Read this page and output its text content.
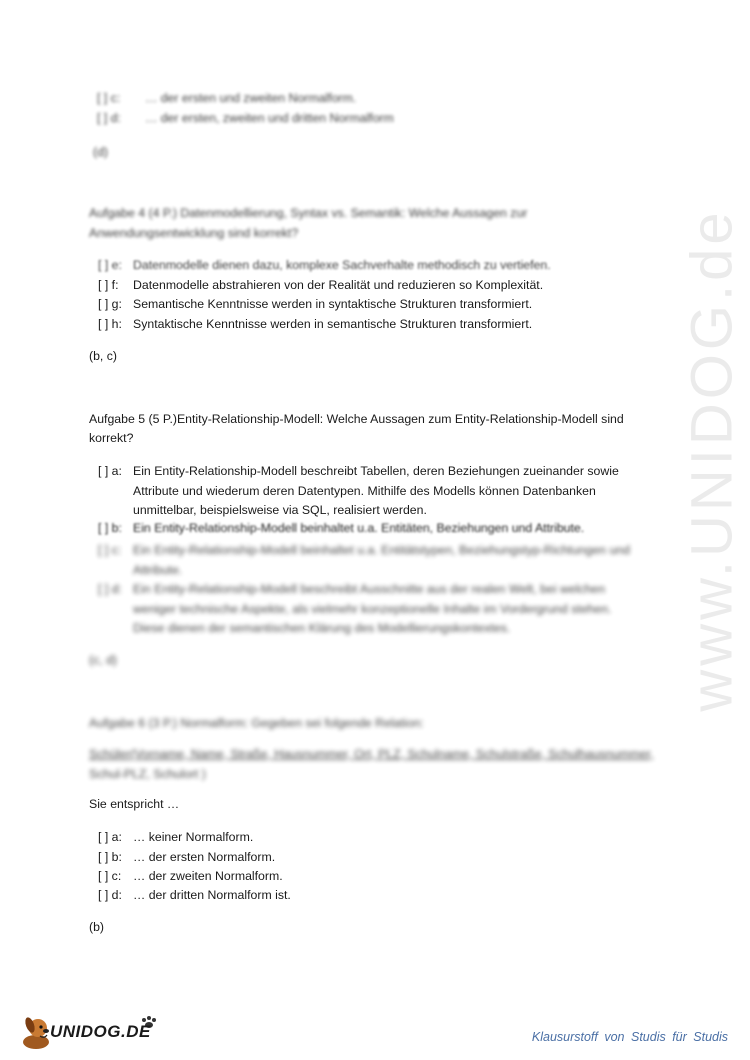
www.UNIDOG.de
[ ] c: … der ersten und zweiten Normalform.
[ ] d: … der ersten, zweiten und dritten Normalform
(d)
Aufgabe 4 (4 P.) Datenmodellierung, Syntax vs. Semantik: Welche Aussagen zur
Anwendungsentwicklung sind korrekt?
[ ] e: Datenmodelle dienen dazu, komplexe Sachverhalte methodisch zu vertiefen.
[ ] f: Datenmodelle abstrahieren von der Realität und reduzieren so Komplexität.
[ ] g: Semantische Kenntnisse werden in syntaktische Strukturen transformiert.
[ ] h: Syntaktische Kenntnisse werden in semantische Strukturen transformiert.
(b, c)
Aufgabe 5 (5 P.)Entity-Relationship-Modell: Welche Aussagen zum Entity-Relationship-Modell sind
korrekt?
[ ] a: Ein Entity-Relationship-Modell beschreibt Tabellen, deren Beziehungen zueinander sowie
Attribute und wiederum deren Datentypen. Mithilfe des Modells können Datenbanken
unmittelbar, beispielsweise via SQL, realisiert werden.
[ ] b: Ein Entity-Relationship-Modell beinhaltet u.a. Entitäten, Beziehungen und Attribute.
[ ] c: Ein Entity-Relationship-Modell beinhaltet u.a. Entitätstypen, Beziehungstyp-Richtungen und
Attribute.
[ ] d: Ein Entity-Relationship-Modell beschreibt Ausschnitte aus der realen Welt, bei welchen
weniger technische Aspekte, als vielmehr konzeptionelle Inhalte im Vordergrund stehen.
Diese dienen der semantischen Klärung des Modellierungskontextes.
(c, d)
Aufgabe 6 (3 P.) Normalform: Gegeben sei folgende Relation:
Schüler(Vorname, Name, Straße, Hausnummer, Ort, PLZ, Schulname, Schulstraße, Schulhausnummer,
Schul-PLZ, Schulort )
Sie entspricht …
[ ] a: … keiner Normalform.
[ ] b: … der ersten Normalform.
[ ] c: … der zweiten Normalform.
[ ] d: … der dritten Normalform ist.
(b)
UNIDOG.DE	Klausurstoff von Studis für Studis
